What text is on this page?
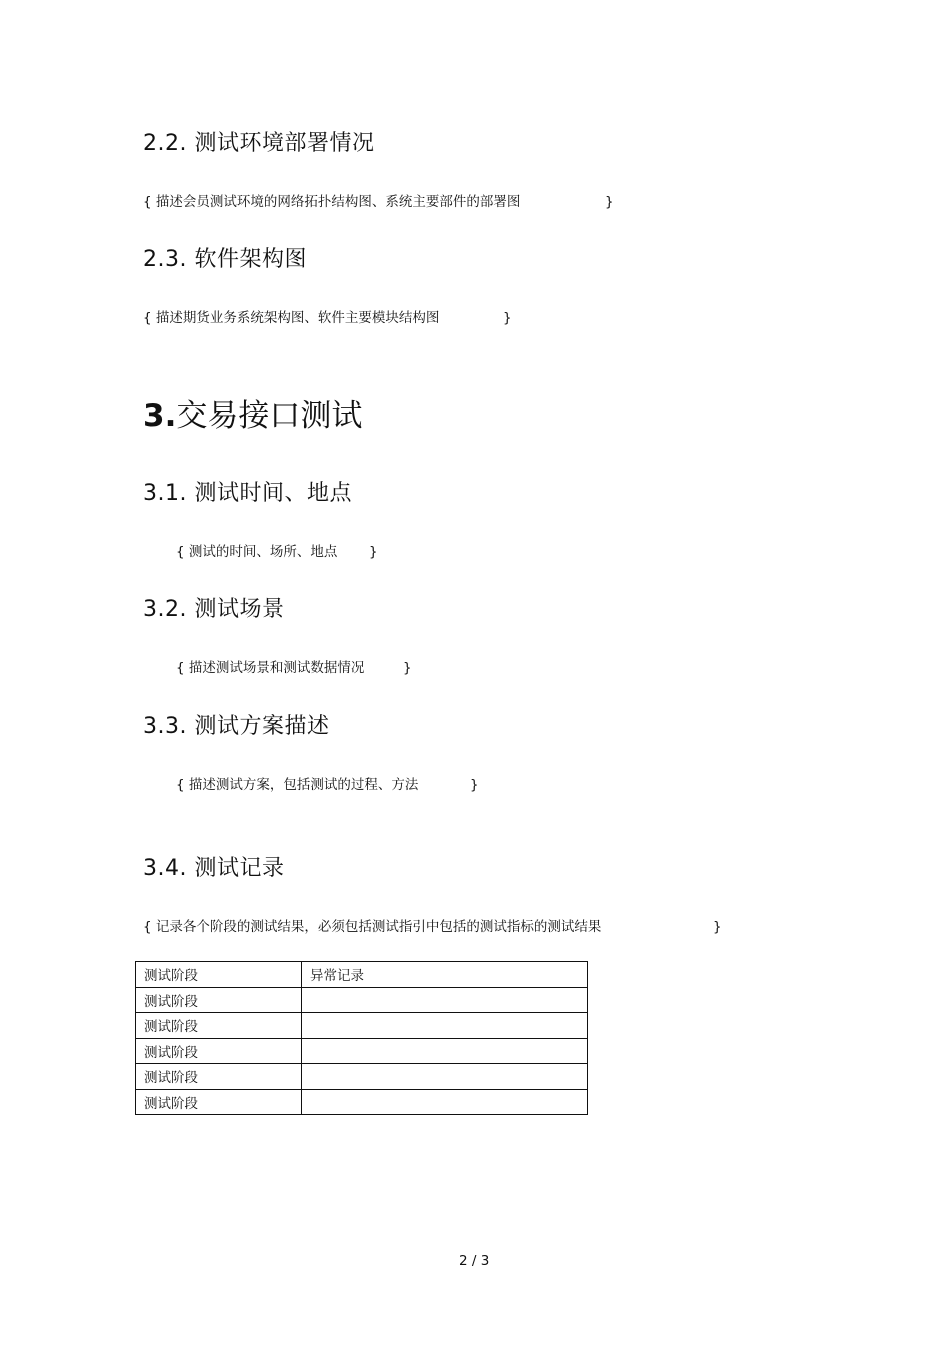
2.2. 测试环境部署情况
{ 描述会员测试环境的网络拓扑结构图、系统主要部件的部署图	}
2.3. 软件架构图
{ 描述期货业务系统架构图、软件主要模块结构图	}
3.交易接口测试
3.1. 测试时间、地点
{ 测试的时间、场所、地点 }
3.2. 测试场景
{ 描述测试场景和测试数据情况	}
3.3. 测试方案描述
{ 描述测试方案，包括测试的过程、方法	}
3.4. 测试记录
{ 记录各个阶段的测试结果，必须包括测试指引中包括的测试指标的测试结果	}
测试阶段	异常记录
测试阶段	
测试阶段	
测试阶段	
测试阶段	
测试阶段	
2 / 3
